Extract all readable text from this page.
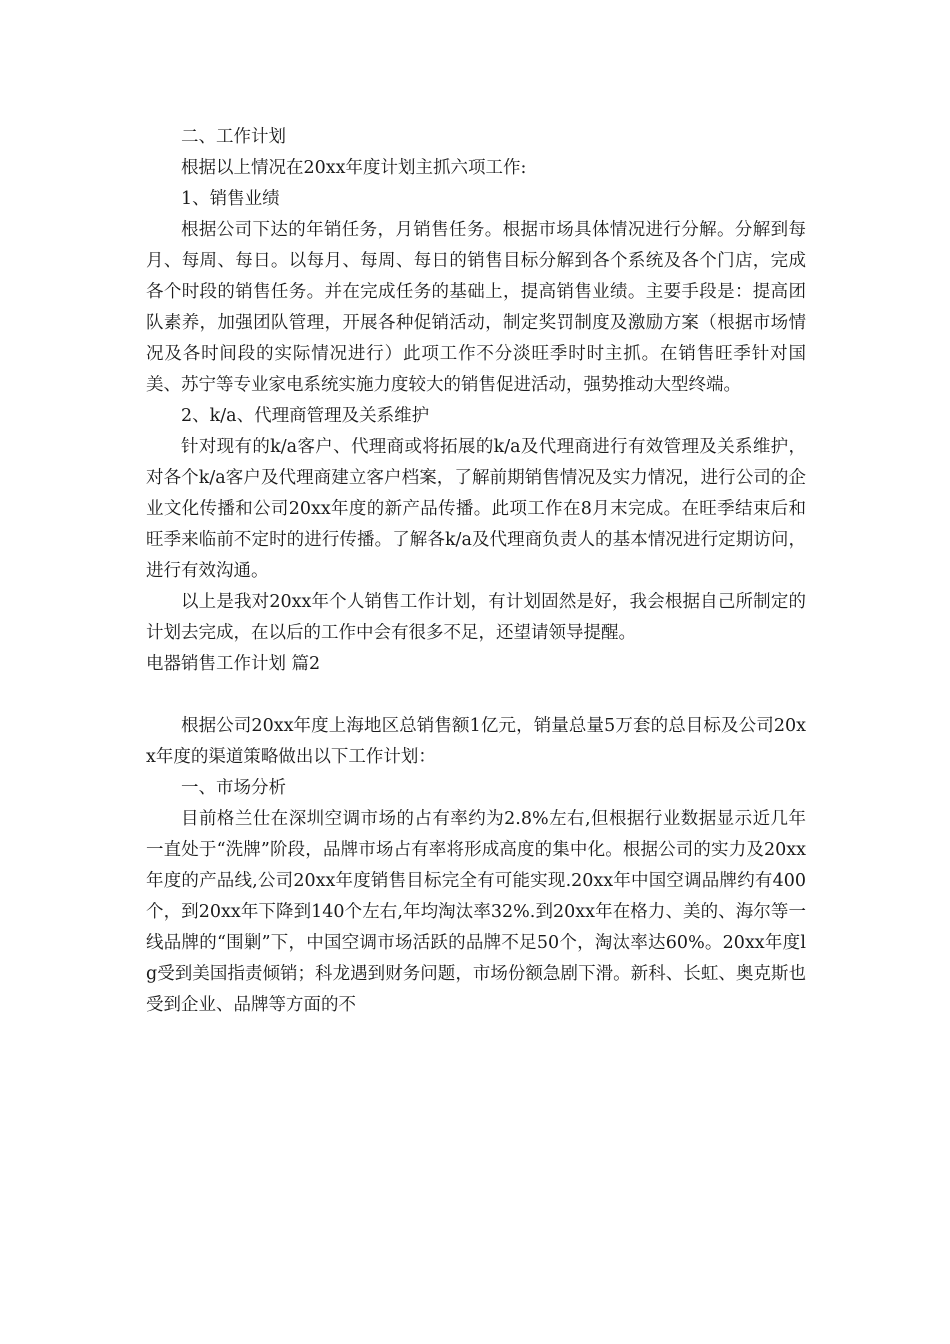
二、工作计划
根据以上情况在20xx年度计划主抓六项工作:
1、销售业绩

根据公司下达的年销任务，月销售任务。根据市场具体情况进行分解。分解到每月、每周、每日。以每月、每周、每日的销售目标分解到各个系统及各个门店，完成各个时段的销售任务。并在完成任务的基础上，提高销售业绩。主要手段是：提高团队素养，加强团队管理，开展各种促销活动，制定奖罚制度及激励方案（根据市场情况及各时间段的实际情况进行）此项工作不分淡旺季时时主抓。在销售旺季针对国美、苏宁等专业家电系统实施力度较大的销售促进活动，强势推动大型终端。

2、k/a、代理商管理及关系维护

针对现有的k/a客户、代理商或将拓展的k/a及代理商进行有效管理及关系维护，对各个k/a客户及代理商建立客户档案，了解前期销售情况及实力情况，进行公司的企业文化传播和公司20xx年度的新产品传播。此项工作在8月末完成。在旺季结束后和旺季来临前不定时的进行传播。了解各k/a及代理商负责人的基本情况进行定期访问，进行有效沟通。

以上是我对20xx年个人销售工作计划，有计划固然是好，我会根据自己所制定的计划去完成，在以后的工作中会有很多不足，还望请领导提醒。

电器销售工作计划 篇2

根据公司20xx年度上海地区总销售额1亿元，销量总量5万套的总目标及公司20xx年度的渠道策略做出以下工作计划：

一、市场分析

目前格兰仕在深圳空调市场的占有率约为2.8%左右,但根据行业数据显示近几年一直处于“洗牌”阶段，品牌市场占有率将形成高度的集中化。根据公司的实力及20xx年度的产品线,公司20xx年度销售目标完全有可能实现.20xx年中国空调品牌约有400个，到20xx年下降到140个左右,年均淘汰率32%.到20xx年在格力、美的、海尔等一线品牌的“围剿”下，中国空调市场活跃的品牌不足50个，淘汰率达60%。20xx年度lg受到美国指责倾销；科龙遇到财务问题，市场份额急剧下滑。新科、长虹、奥克斯也受到企业、品牌等方面的不
